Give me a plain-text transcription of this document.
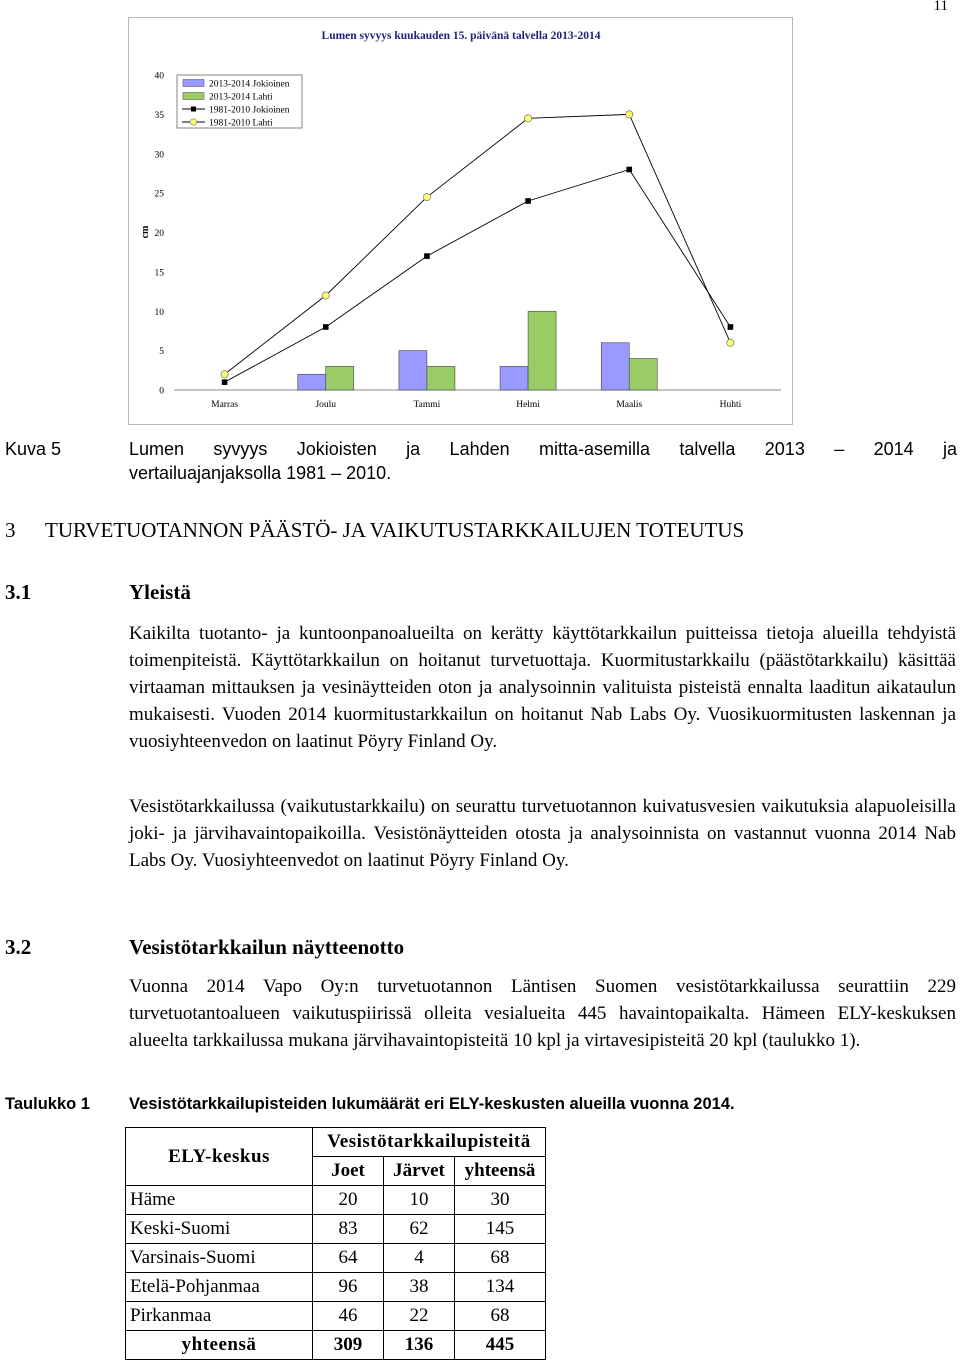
11
Lumen syvyys kuukauden 15. päivänä talvella 2013-2014
0
5
10
15
20
25
30
35
40
cm
Marras	Joulu	Tammi	Helmi	Maalis	Huhti
2013-2014 Jokioinen
2013-2014 Lahti
1981-2010 Jokioinen
1981-2010 Lahti
Kuva 5	Lumen syvyys Jokioisten ja Lahden mitta-asemilla talvella 2013 – 2014 ja
vertailuajanjaksolla 1981 – 2010.
3 TURVETUOTANNON PÄÄSTÖ- JA VAIKUTUSTARKKAILUJEN TOTEUTUS
3.1	Yleistä
Kaikilta tuotanto- ja kuntoonpanoalueilta on kerätty käyttötarkkailun puitteissa tietoja alueilla tehdyistä toimenpiteistä. Käyttötarkkailun on hoitanut turvetuottaja. Kuormitustarkkailu (päästötarkkailu) käsittää virtaaman mittauksen ja vesinäytteiden oton ja analysoinnin valituista pisteistä ennalta laaditun aikataulun mukaisesti. Vuoden 2014 kuormitustarkkailun on hoitanut Nab Labs Oy. Vuosikuormitusten laskennan ja vuosiyhteenvedon on laatinut Pöyry Finland Oy.
Vesistötarkkailussa (vaikutustarkkailu) on seurattu turvetuotannon kuivatusvesien vaikutuksia alapuoleisilla joki- ja järvihavaintopaikoilla. Vesistönäytteiden otosta ja analysoinnista on vastannut vuonna 2014 Nab Labs Oy. Vuosiyhteenvedot on laatinut Pöyry Finland Oy.
3.2	Vesistötarkkailun näytteenotto
Vuonna 2014 Vapo Oy:n turvetuotannon Läntisen Suomen vesistötarkkailussa seurattiin 229 turvetuotantoalueen vaikutuspiirissä olleita vesialueita 445 havaintopaikalta. Hämeen ELY-keskuksen alueelta tarkkailussa mukana järvihavaintopisteitä 10 kpl ja virtavesipisteitä 20 kpl (taulukko 1).
Taulukko 1 Vesistötarkkailupisteiden lukumäärät eri ELY-keskusten alueilla vuonna 2014.
ELY-keskus	Vesistötarkkailupisteitä		
	Joet	Järvet	yhteensä
Häme	20	10	30
Keski-Suomi	83	62	145
Varsinais-Suomi	64	4	68
Etelä-Pohjanmaa	96	38	134
Pirkanmaa	46	22	68
yhteensä	309	136	445
